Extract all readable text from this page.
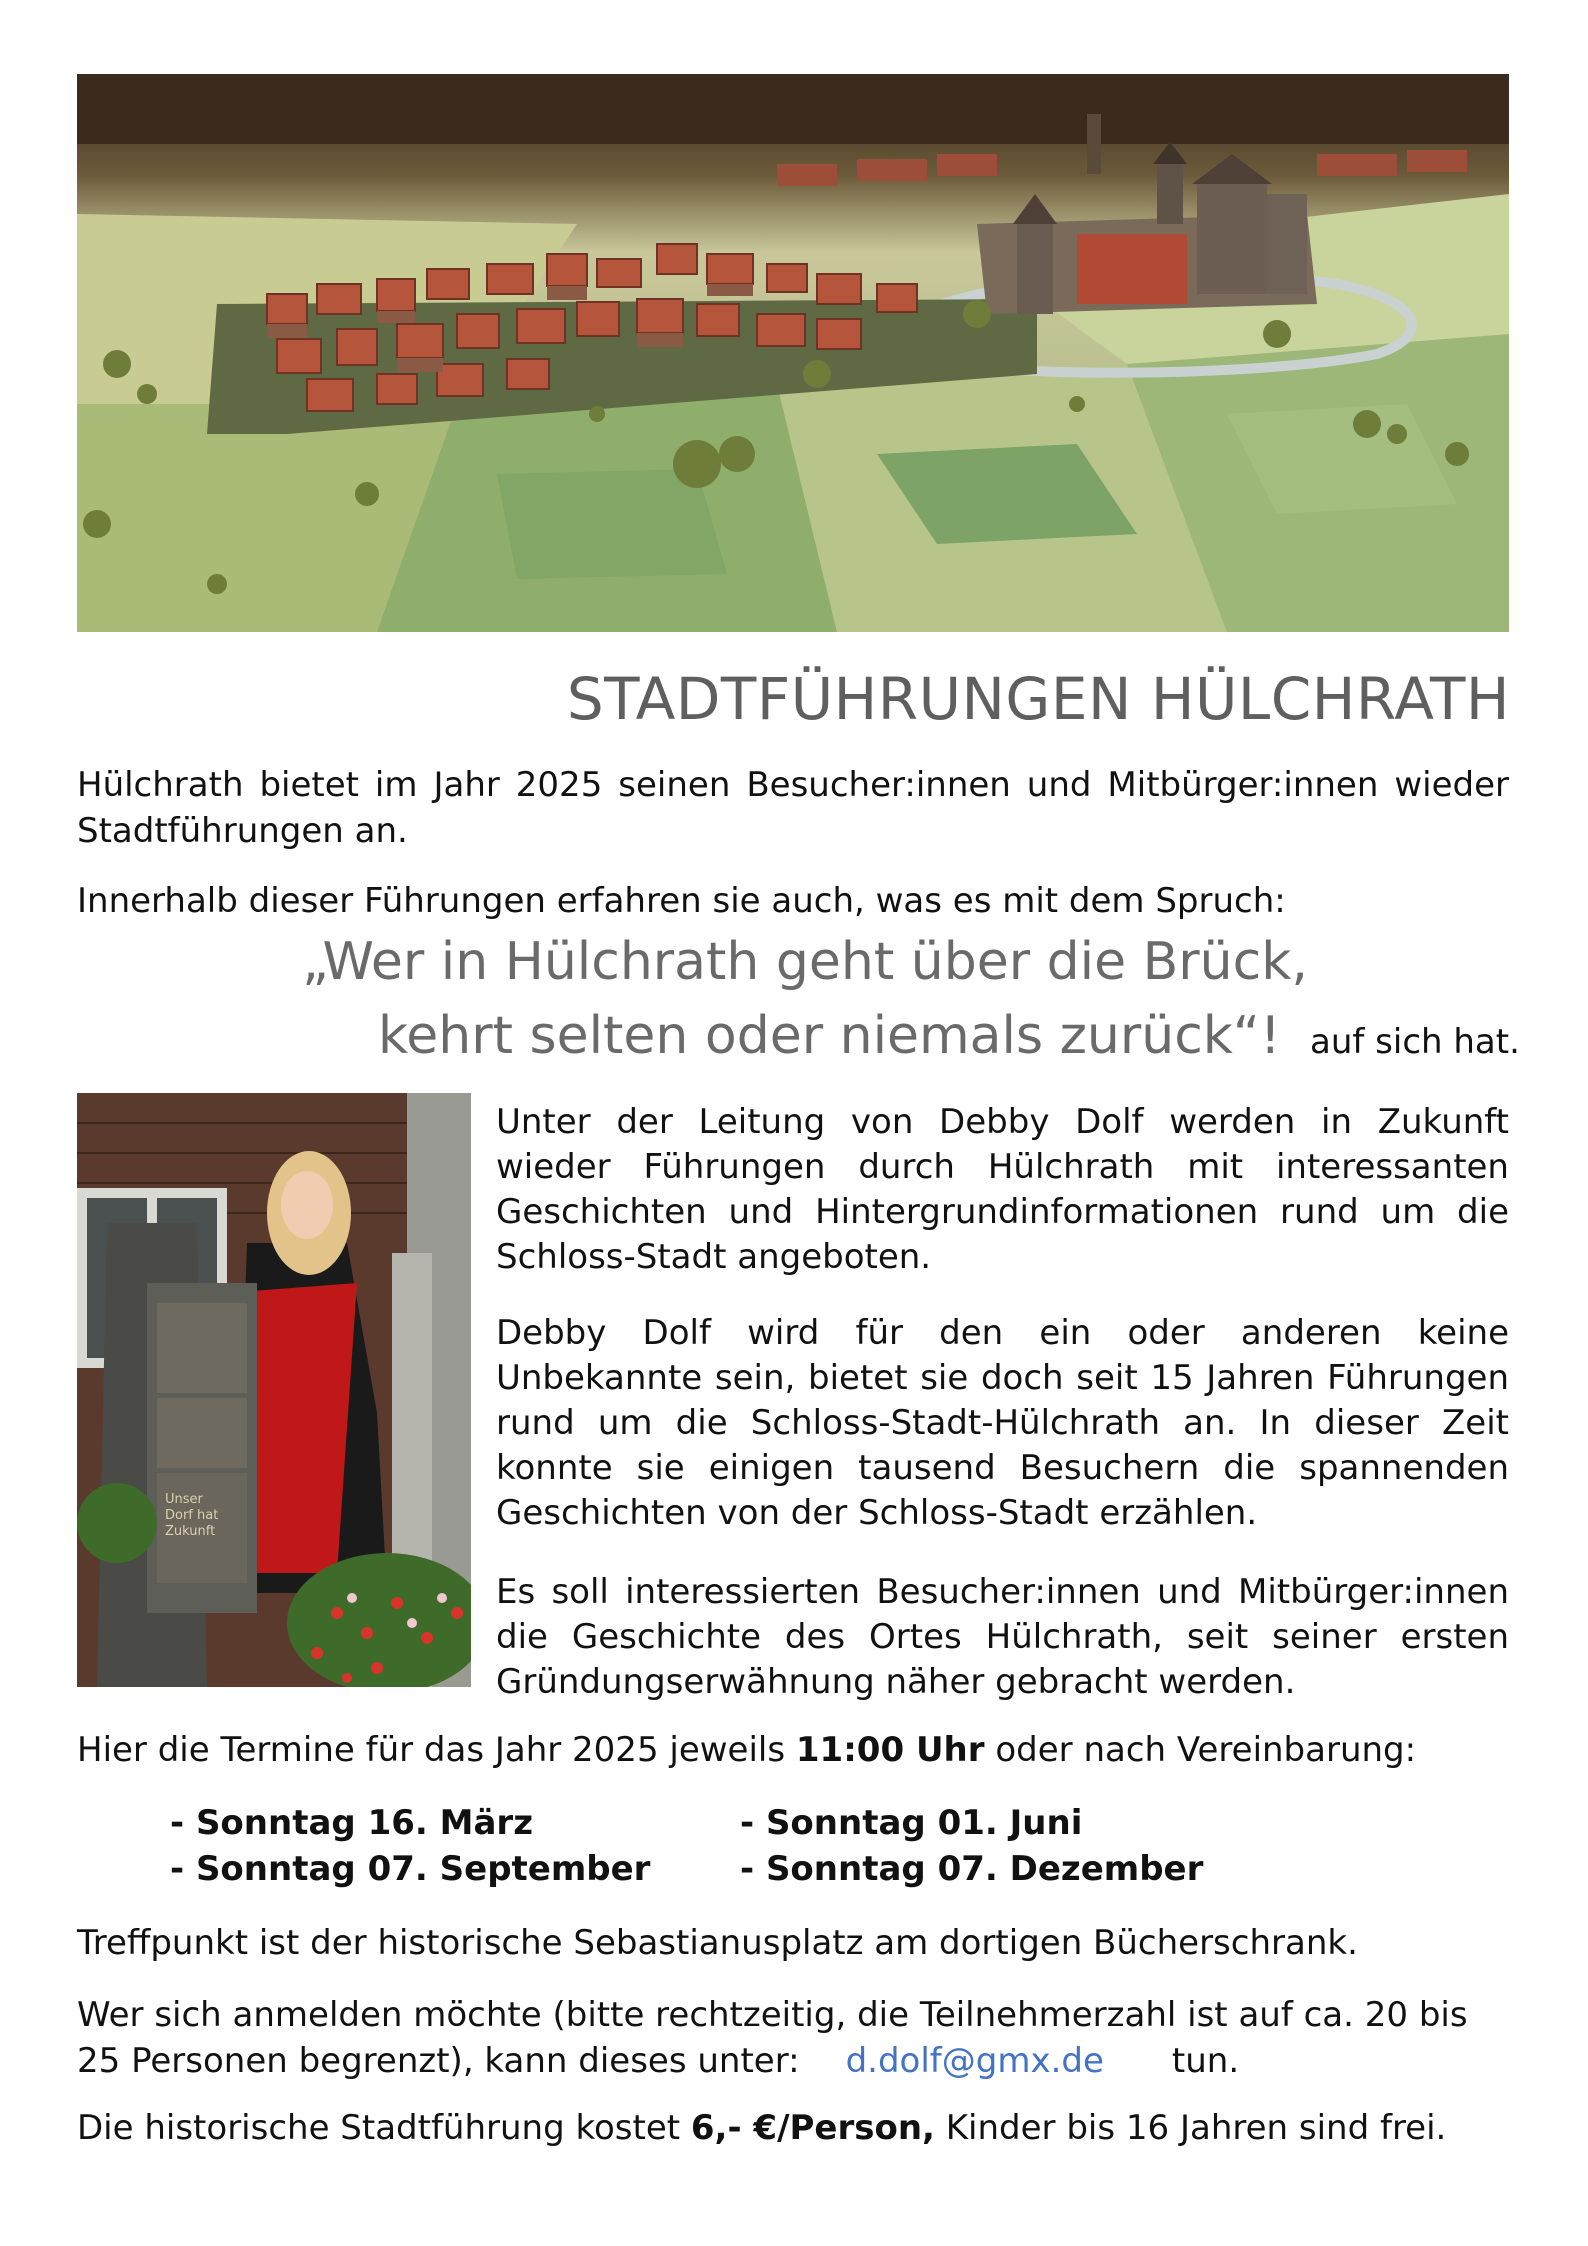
STADTFÜHRUNGEN HÜLCHRATH

Hülchrath bietet im Jahr 2025 seinen Besucher:innen und Mitbürger:innen wieder Stadtführungen an.

Innerhalb dieser Führungen erfahren sie auch, was es mit dem Spruch:

„Wer in Hülchrath geht über die Brück,
kehrt selten oder niemals zurück“! auf sich hat.
Unser
Dorf hat
Zukunft

Unter der Leitung von Debby Dolf werden in Zukunft wieder Führungen durch Hülchrath mit interessanten Geschichten und Hintergrundinformationen rund um die Schloss-Stadt angeboten.

Debby Dolf wird für den ein oder anderen keine Unbekannte sein, bietet sie doch seit 15 Jahren Führungen rund um die Schloss-Stadt-Hülchrath an. In dieser Zeit konnte sie einigen tausend Besuchern die spannenden Geschichten von der Schloss-Stadt erzählen.

Es soll interessierten Besucher:innen und Mitbürger:innen die Geschichte des Ortes Hülchrath, seit seiner ersten Gründungserwähnung näher gebracht werden.

Hier die Termine für das Jahr 2025 jeweils 11:00 Uhr oder nach Vereinbarung:

- Sonntag 16. März	- Sonntag 01. Juni
- Sonntag 07. September	- Sonntag 07. Dezember

Treffpunkt ist der historische Sebastianusplatz am dortigen Bücherschrank.

Wer sich anmelden möchte (bitte rechtzeitig, die Teilnehmerzahl ist auf ca. 20 bis 25 Personen begrenzt), kann dieses unter: d.dolf@gmx.de tun.

Die historische Stadtführung kostet 6,- €/Person, Kinder bis 16 Jahren sind frei.
